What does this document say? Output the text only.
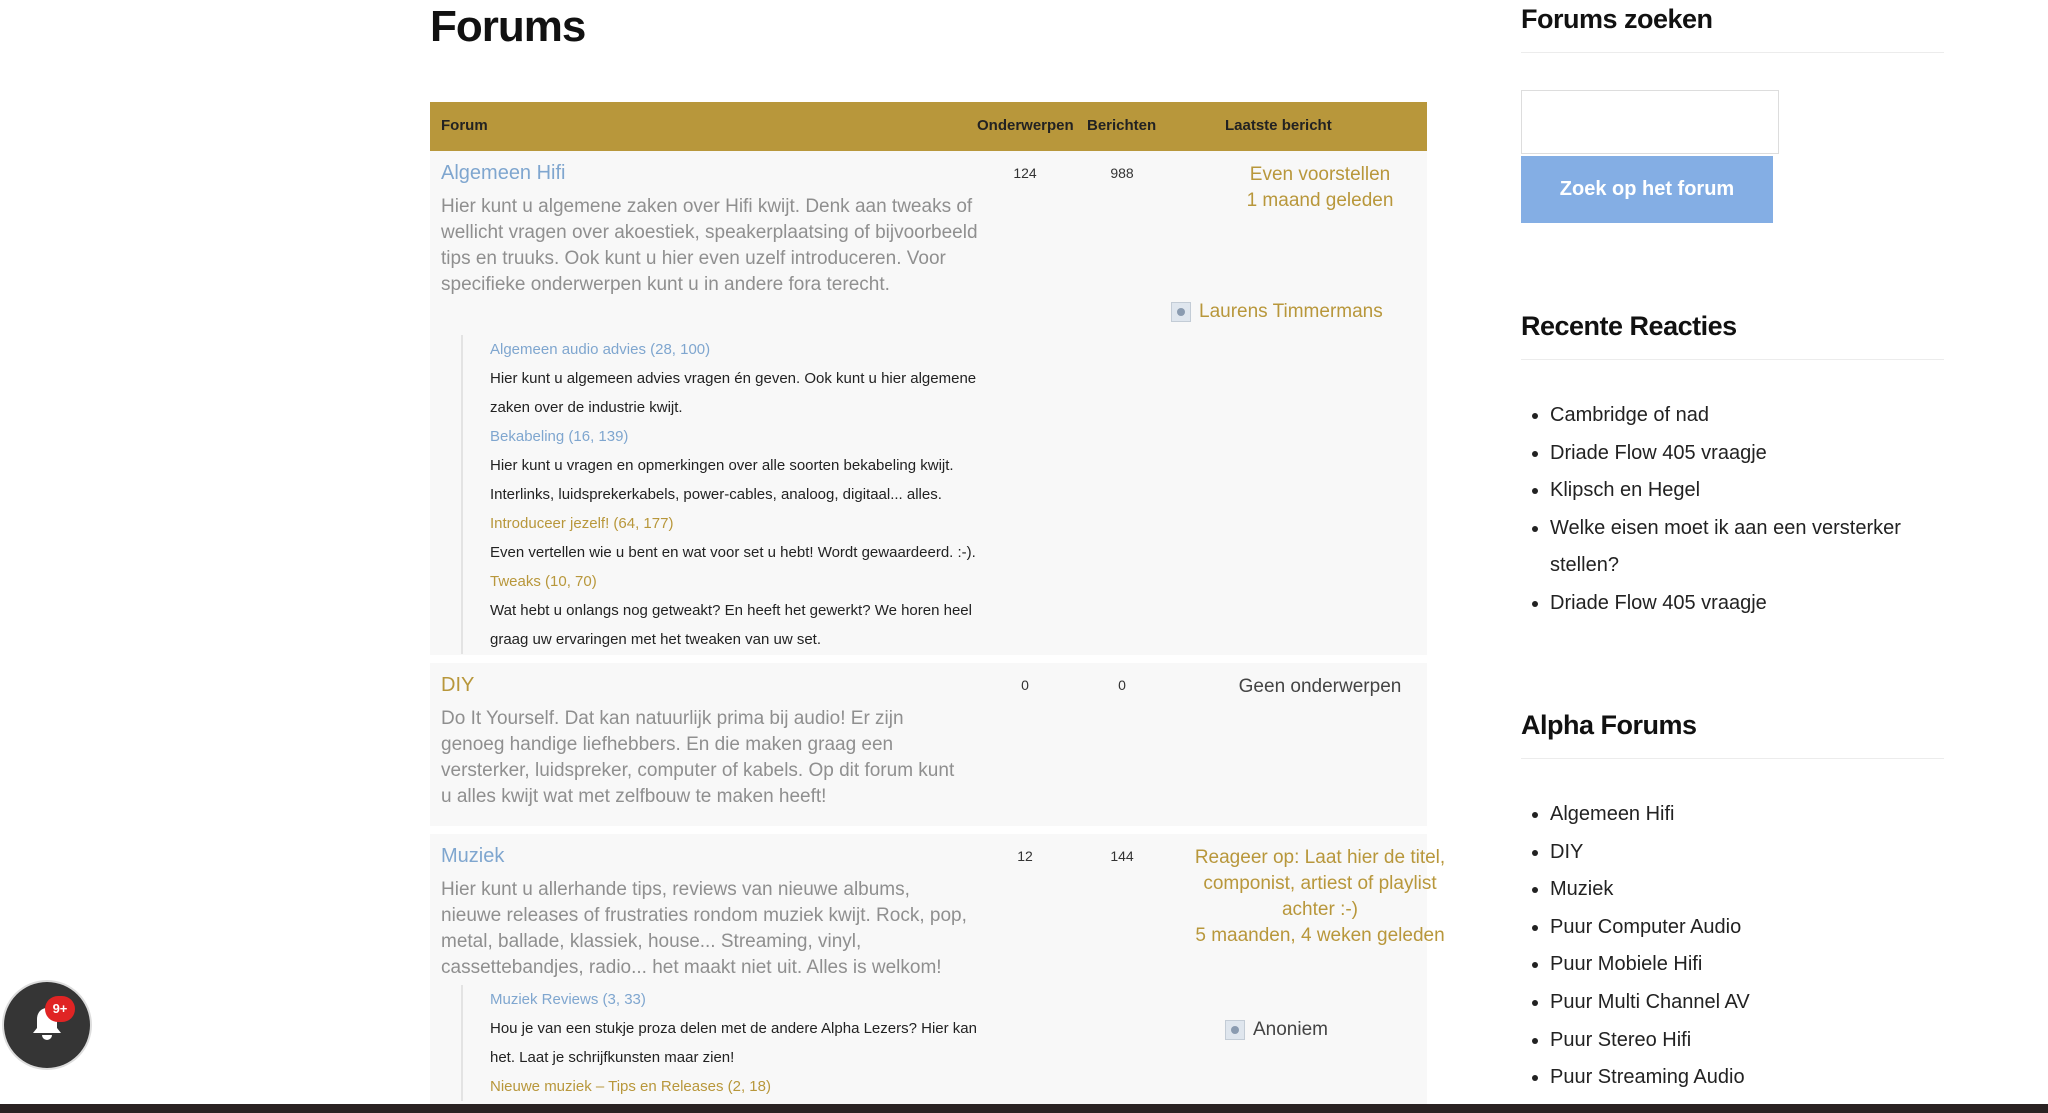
Forums
Forum	Onderwerpen Berichten	Laatste bericht
Algemeen Hifi
Hier kunt u algemene zaken over Hifi kwijt. Denk aan tweaks of wellicht vragen over akoestiek, speakerplaatsing of bijvoorbeeld tips en truuks. Ook kunt u hier even uzelf introduceren. Voor specifieke onderwerpen kunt u in andere fora terecht.
124	988	Even voorstellen
1 maand geleden
Laurens Timmermans
Algemeen audio advies (28, 100)
Hier kunt u algemeen advies vragen én geven. Ook kunt u hier algemene zaken over de industrie kwijt.
Bekabeling (16, 139)
Hier kunt u vragen en opmerkingen over alle soorten bekabeling kwijt. Interlinks, luidsprekerkabels, power-cables, analoog, digitaal... alles.
Introduceer jezelf! (64, 177)
Even vertellen wie u bent en wat voor set u hebt! Wordt gewaardeerd. :-).
Tweaks (10, 70)
Wat hebt u onlangs nog getweakt? En heeft het gewerkt? We horen heel graag uw ervaringen met het tweaken van uw set.
DIY
Do It Yourself. Dat kan natuurlijk prima bij audio! Er zijn genoeg handige liefhebbers. En die maken graag een versterker, luidspreker, computer of kabels. Op dit forum kunt u alles kwijt wat met zelfbouw te maken heeft!
0	0	Geen onderwerpen
Muziek
Hier kunt u allerhande tips, reviews van nieuwe albums, nieuwe releases of frustraties rondom muziek kwijt. Rock, pop, metal, ballade, klassiek, house... Streaming, vinyl, cassettebandjes, radio... het maakt niet uit. Alles is welkom!
12	144	Reageer op: Laat hier de titel, componist, artiest of playlist achter :-)
5 maanden, 4 weken geleden
Anoniem
Muziek Reviews (3, 33)
Hou je van een stukje proza delen met de andere Alpha Lezers? Hier kan het. Laat je schrijfkunsten maar zien!
Nieuwe muziek – Tips en Releases (2, 18)
Forums zoeken
Zoek op het forum
Recente Reacties
• Cambridge of nad
• Driade Flow 405 vraagje
• Klipsch en Hegel
• Welke eisen moet ik aan een versterker stellen?
• Driade Flow 405 vraagje
Alpha Forums
• Algemeen Hifi
• DIY
• Muziek
• Puur Computer Audio
• Puur Mobiele Hifi
• Puur Multi Channel AV
• Puur Stereo Hifi
• Puur Streaming Audio
9+
